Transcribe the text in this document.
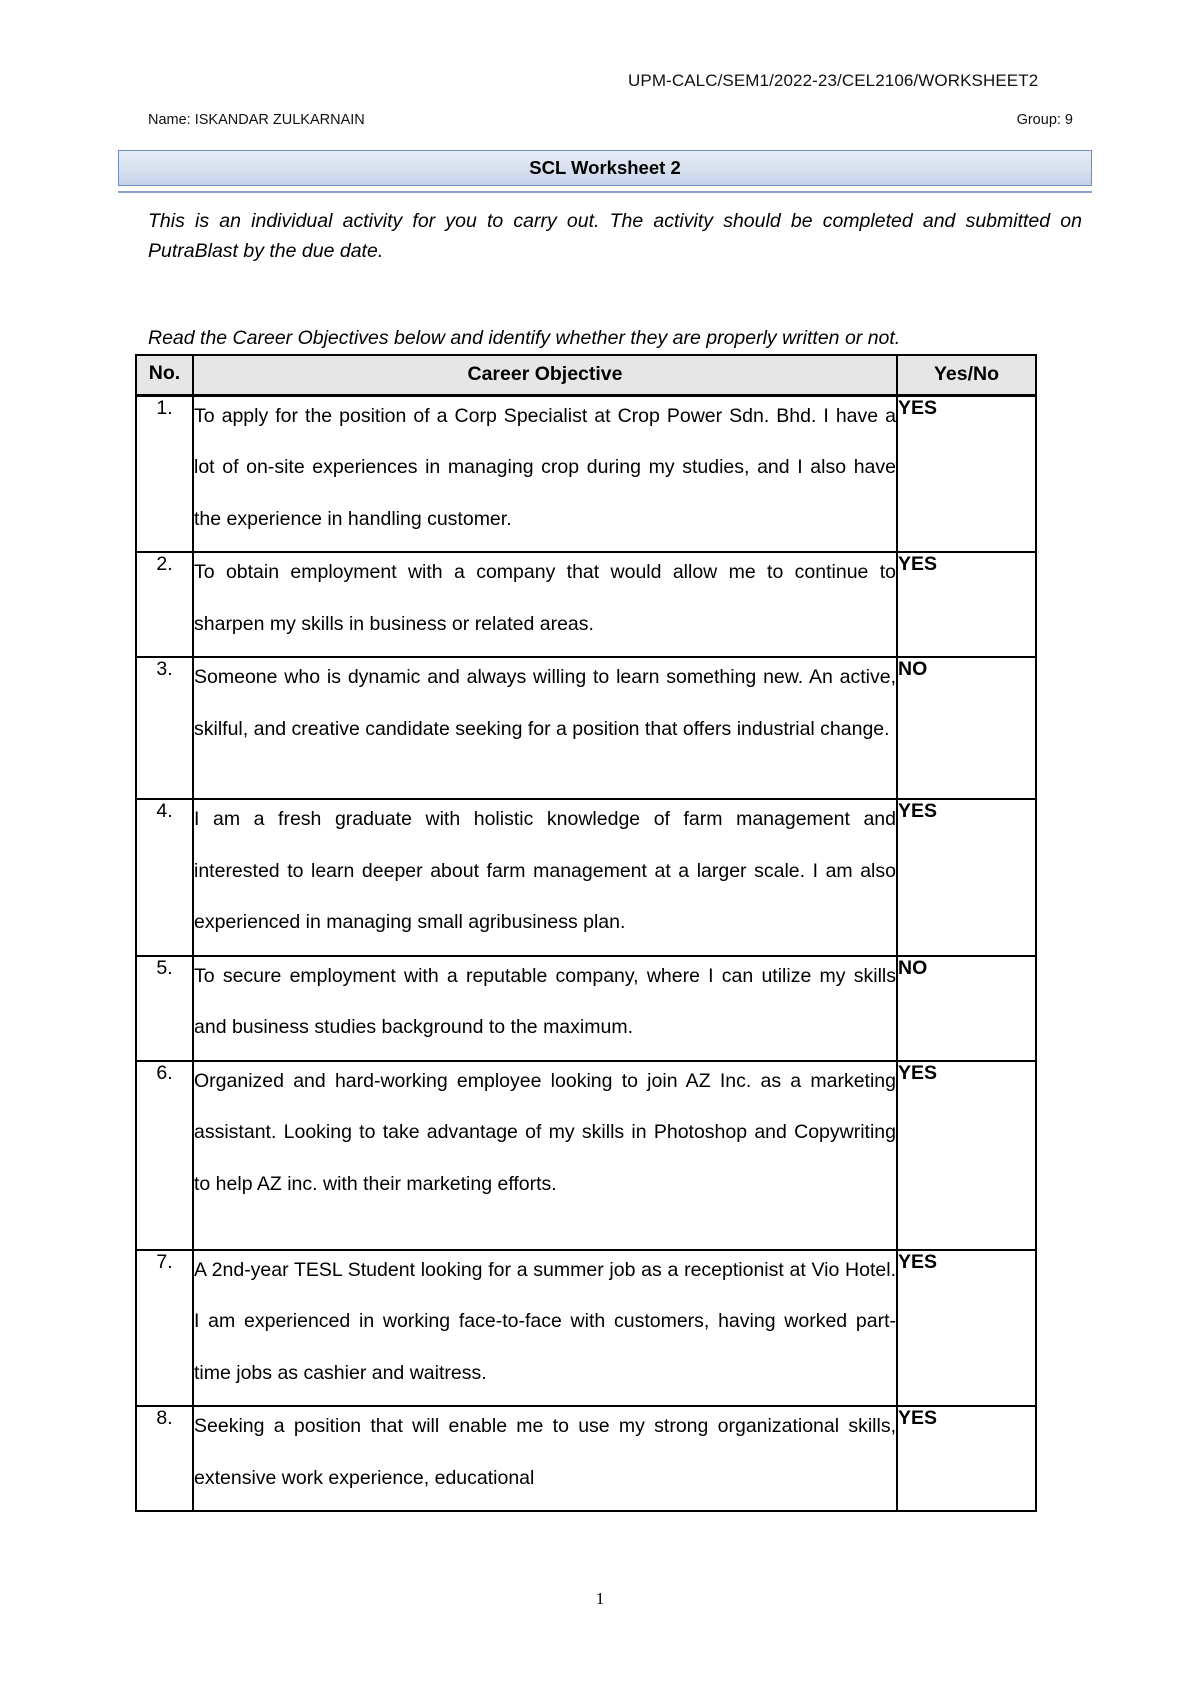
UPM-CALC/SEM1/2022-23/CEL2106/WORKSHEET2
Name: ISKANDAR ZULKARNAIN	Group: 9
SCL Worksheet 2
This is an individual activity for you to carry out. The activity should be completed and submitted on PutraBlast by the due date.
Read the Career Objectives below and identify whether they are properly written or not.
No.	Career Objective	Yes/No
1.	To apply for the position of a Corp Specialist at Crop Power Sdn. Bhd. I have a lot of on-site experiences in managing crop during my studies, and I also have the experience in handling customer.	YES
2.	To obtain employment with a company that would allow me to continue to sharpen my skills in business or related areas.	YES
3.	Someone who is dynamic and always willing to learn something new. An active, skilful, and creative candidate seeking for a position that offers industrial change.	NO
4.	I am a fresh graduate with holistic knowledge of farm management and interested to learn deeper about farm management at a larger scale. I am also experienced in managing small agribusiness plan.	YES
5.	To secure employment with a reputable company, where I can utilize my skills and business studies background to the maximum.	NO
6.	Organized and hard-working employee looking to join AZ Inc. as a marketing assistant. Looking to take advantage of my skills in Photoshop and Copywriting to help AZ inc. with their marketing efforts.	YES
7.	A 2nd-year TESL Student looking for a summer job as a receptionist at Vio Hotel. I am experienced in working face-to-face with customers, having worked part-time jobs as cashier and waitress.	YES
8.	Seeking a position that will enable me to use my strong organizational skills, extensive work experience, educational	YES
1
